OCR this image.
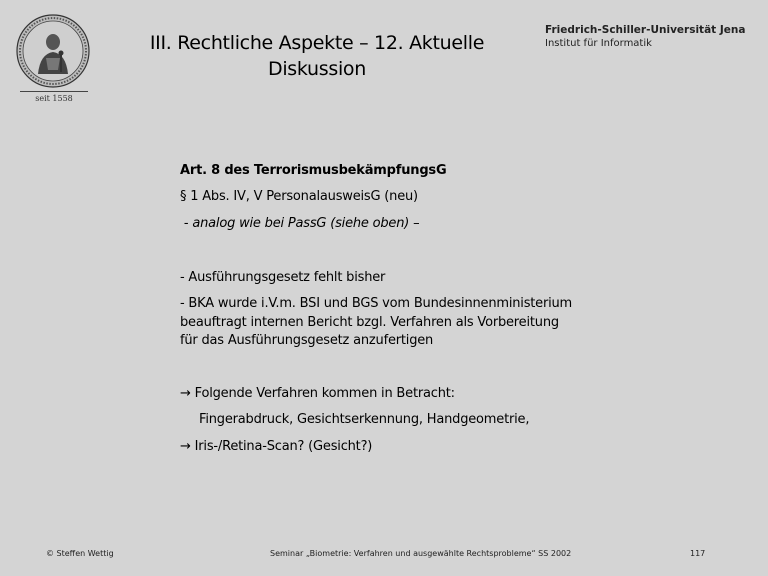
seit 1558
III. Rechtliche Aspekte – 12. Aktuelle
Diskussion
Friedrich-Schiller-Universität Jena
Institut für Informatik
Art. 8 des TerrorismusbekämpfungsG
§ 1 Abs. IV, V PersonalausweisG (neu)
- analog wie bei PassG (siehe oben) –
- Ausführungsgesetz fehlt bisher
- BKA wurde i.V.m. BSI und BGS vom Bundesinnenministerium
beauftragt internen Bericht bzgl. Verfahren als Vorbereitung
für das Ausführungsgesetz anzufertigen
→ Folgende Verfahren kommen in Betracht:
Fingerabdruck, Gesichtserkennung, Handgeometrie,
→ Iris-/Retina-Scan? (Gesicht?)
© Steffen Wettig	Seminar „Biometrie: Verfahren und ausgewählte Rechtsprobleme“ SS 2002	117
